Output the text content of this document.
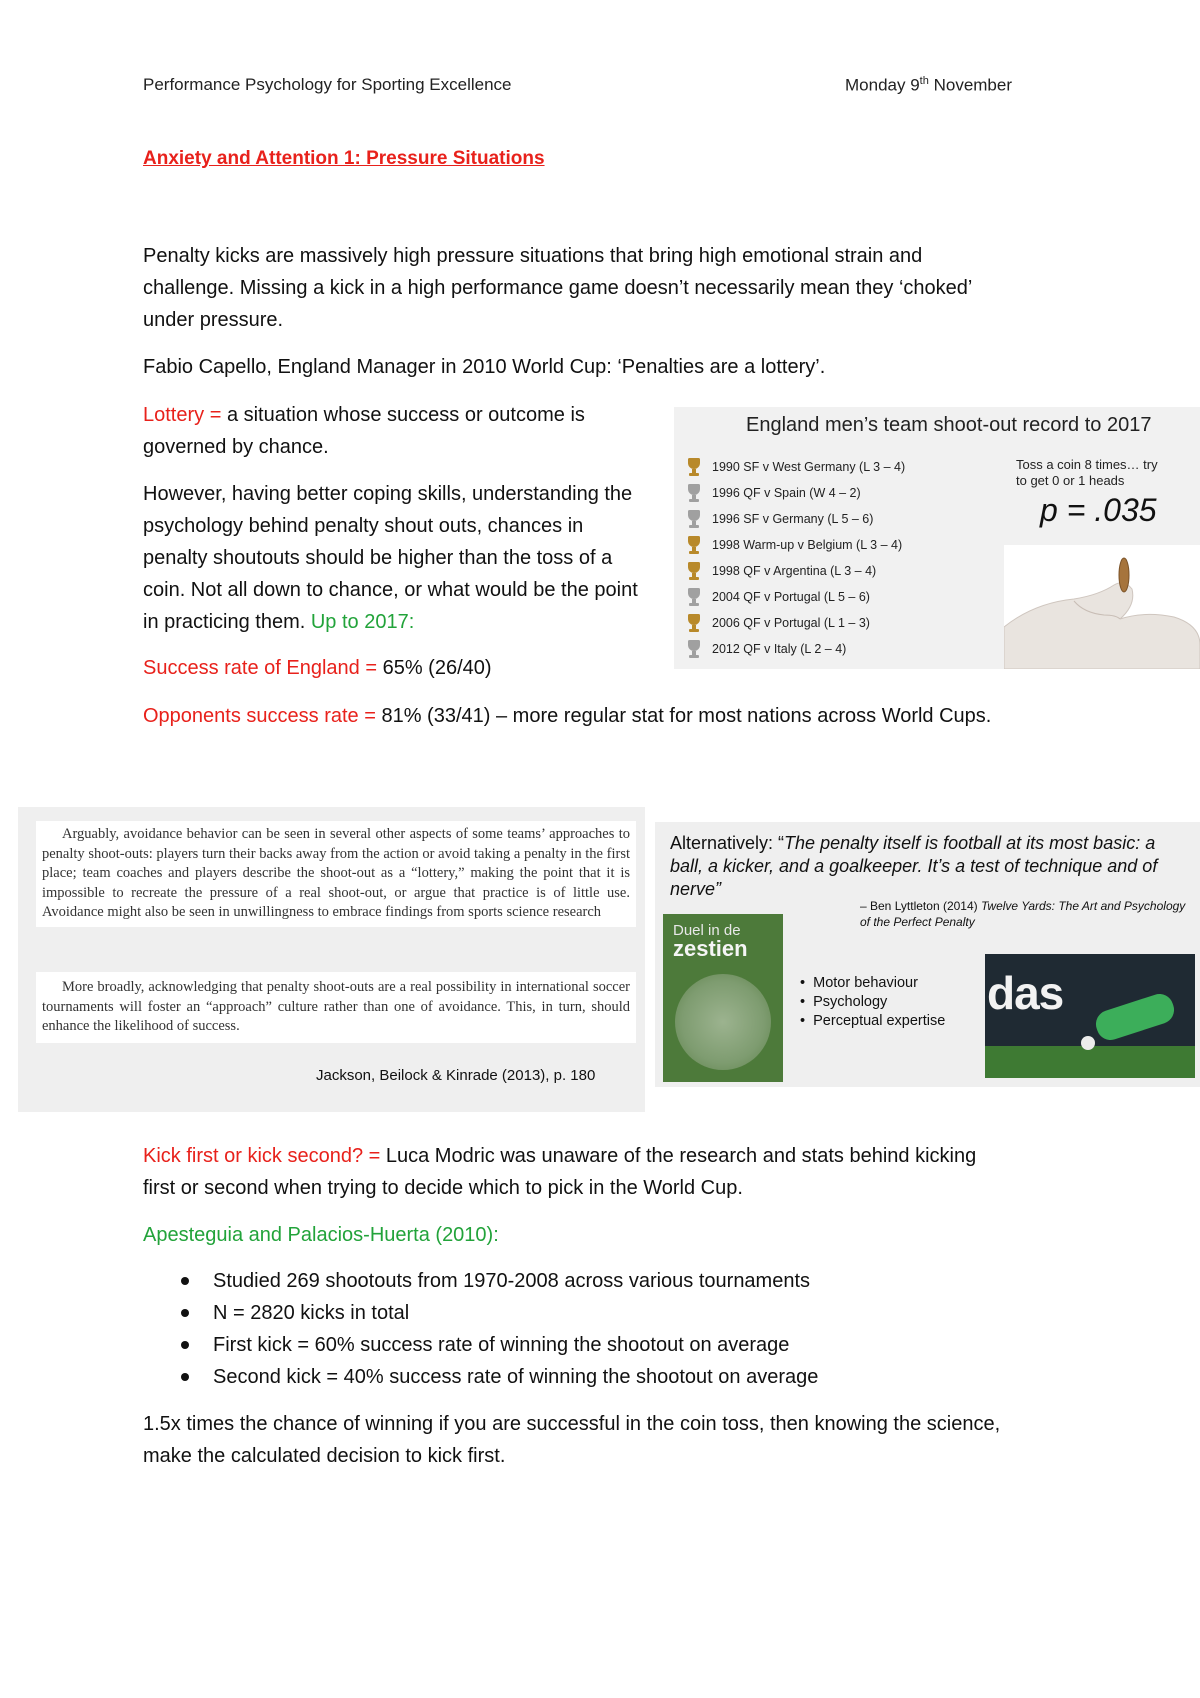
Performance Psychology for Sporting Excellence	Monday 9th November
Anxiety and Attention 1: Pressure Situations
Penalty kicks are massively high pressure situations that bring high emotional strain and challenge. Missing a kick in a high performance game doesn’t necessarily mean they ‘choked’ under pressure.
Fabio Capello, England Manager in 2010 World Cup: ‘Penalties are a lottery’.
Lottery = a situation whose success or outcome is governed by chance.
However, having better coping skills, understanding the psychology behind penalty shout outs, chances in penalty shoutouts should be higher than the toss of a coin. Not all down to chance, or what would be the point in practicing them. Up to 2017:
Success rate of England = 65% (26/40)
Opponents success rate = 81% (33/41) – more regular stat for most nations across World Cups.
England men’s team shoot-out record to 2017
1990 SF v West Germany (L 3 – 4)
1996 QF v Spain (W 4 – 2)
1996 SF v Germany (L 5 – 6)
1998 Warm-up v Belgium (L 3 – 4)
1998 QF v Argentina (L 3 – 4)
2004 QF v Portugal (L 5 – 6)
2006 QF v Portugal (L 1 – 3)
2012 QF v Italy (L 2 – 4)
Toss a coin 8 times… try to get 0 or 1 heads
p = .035
Arguably, avoidance behavior can be seen in several other aspects of some teams’ approaches to penalty shoot-outs: players turn their backs away from the action or avoid taking a penalty in the first place; team coaches and players describe the shoot-out as a “lottery,” making the point that it is impossible to recreate the pressure of a real shoot-out, or argue that practice is of little use. Avoidance might also be seen in unwillingness to embrace findings from sports science research
More broadly, acknowledging that penalty shoot-outs are a real possibility in international soccer tournaments will foster an “approach” culture rather than one of avoidance. This, in turn, should enhance the likelihood of success.
Jackson, Beilock & Kinrade (2013), p. 180
Alternatively: “The penalty itself is football at its most basic: a ball, a kicker, and a goalkeeper. It’s a test of technique and of nerve”
– Ben Lyttleton (2014) Twelve Yards: The Art and Psychology of the Perfect Penalty
Duel in de
zestien
•  Motor behaviour
•  Psychology
•  Perceptual expertise
das
Kick first or kick second? = Luca Modric was unaware of the research and stats behind kicking first or second when trying to decide which to pick in the World Cup.
Apesteguia and Palacios-Huerta (2010):
Studied 269 shootouts from 1970-2008 across various tournaments
N = 2820 kicks in total
First kick = 60% success rate of winning the shootout on average
Second kick = 40% success rate of winning the shootout on average
1.5x times the chance of winning if you are successful in the coin toss, then knowing the science, make the calculated decision to kick first.
